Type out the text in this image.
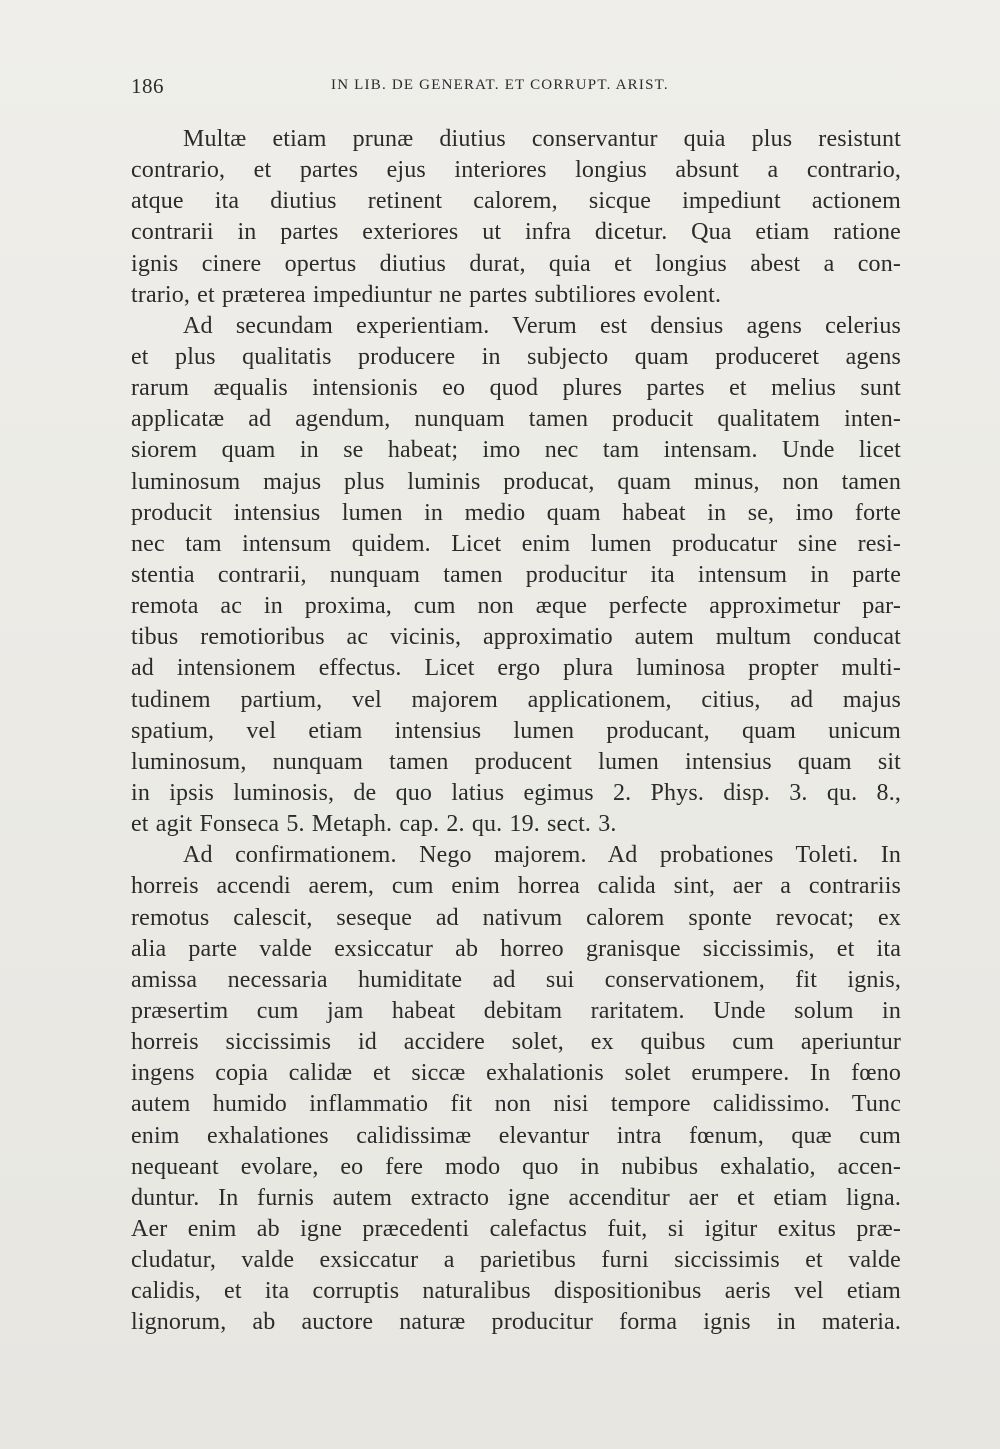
186	IN LIB. DE GENERAT. ET CORRUPT. ARIST.
Multæ etiam prunæ diutius conservantur quia plus resistunt
contrario, et partes ejus interiores longius absunt a contrario,
atque ita diutius retinent calorem, sicque impediunt actionem
contrarii in partes exteriores ut infra dicetur. Qua etiam ratione
ignis cinere opertus diutius durat, quia et longius abest a con-
trario, et præterea impediuntur ne partes subtiliores evolent.
Ad secundam experientiam. Verum est densius agens celerius
et plus qualitatis producere in subjecto quam produceret agens
rarum æqualis intensionis eo quod plures partes et melius sunt
applicatæ ad agendum, nunquam tamen producit qualitatem inten-
siorem quam in se habeat; imo nec tam intensam. Unde licet
luminosum majus plus luminis producat, quam minus, non tamen
producit intensius lumen in medio quam habeat in se, imo forte
nec tam intensum quidem. Licet enim lumen producatur sine resi-
stentia contrarii, nunquam tamen producitur ita intensum in parte
remota ac in proxima, cum non æque perfecte approximetur par-
tibus remotioribus ac vicinis, approximatio autem multum conducat
ad intensionem effectus. Licet ergo plura luminosa propter multi-
tudinem partium, vel majorem applicationem, citius, ad majus
spatium, vel etiam intensius lumen producant, quam unicum
luminosum, nunquam tamen producent lumen intensius quam sit
in ipsis luminosis, de quo latius egimus 2. Phys. disp. 3. qu. 8.,
et agit Fonseca 5. Metaph. cap. 2. qu. 19. sect. 3.
Ad confirmationem. Nego majorem. Ad probationes Toleti. In
horreis accendi aerem, cum enim horrea calida sint, aer a contrariis
remotus calescit, seseque ad nativum calorem sponte revocat; ex
alia parte valde exsiccatur ab horreo granisque siccissimis, et ita
amissa necessaria humiditate ad sui conservationem, fit ignis,
præsertim cum jam habeat debitam raritatem. Unde solum in
horreis siccissimis id accidere solet, ex quibus cum aperiuntur
ingens copia calidæ et siccæ exhalationis solet erumpere. In fœno
autem humido inflammatio fit non nisi tempore calidissimo. Tunc
enim exhalationes calidissimæ elevantur intra fœnum, quæ cum
nequeant evolare, eo fere modo quo in nubibus exhalatio, accen-
duntur. In furnis autem extracto igne accenditur aer et etiam ligna.
Aer enim ab igne præcedenti calefactus fuit, si igitur exitus præ-
cludatur, valde exsiccatur a parietibus furni siccissimis et valde
calidis, et ita corruptis naturalibus dispositionibus aeris vel etiam
lignorum, ab auctore naturæ producitur forma ignis in materia.
